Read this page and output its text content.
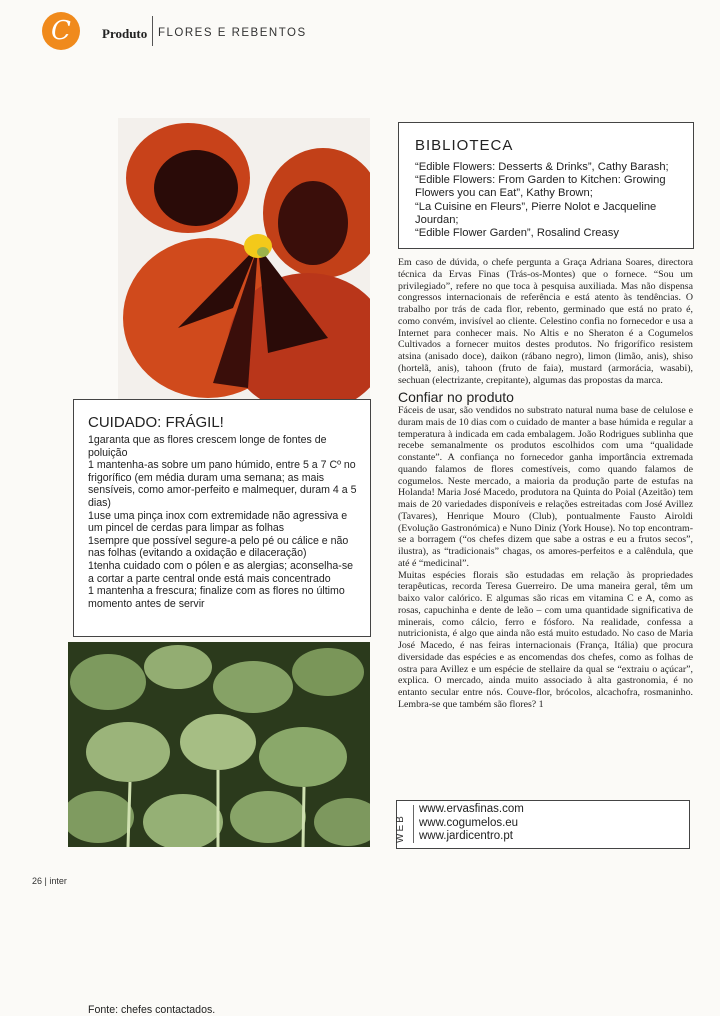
C Produto FLORES E REBENTOS
BIBLIOTECA
“Edible Flowers: Desserts & Drinks”, Cathy Barash;
“Edible Flowers: From Garden to Kitchen: Growing Flowers you can Eat”, Kathy Brown;
“La Cuisine en Fleurs”, Pierre Nolot e Jacqueline Jourdan;
“Edible Flower Garden”, Rosalind Creasy
CUIDADO: FRÁGIL!
1garanta que as flores crescem longe de fontes de poluição
1 mantenha-as sobre um pano húmido, entre 5 a 7 Cº no frigorífico (em média duram uma semana; as mais sensíveis, como amor-perfeito e malmequer, duram 4 a 5 dias)
1use uma pinça inox com extremidade não agressiva e um pincel de cerdas para limpar as folhas
1sempre que possível segure-a pelo pé ou cálice e não nas folhas (evitando a oxidação e dilaceração)
1tenha cuidado com o pólen e as alergias; aconselha-se a cortar a parte central onde está mais concentrado
1 mantenha a frescura; finalize com as flores no último momento antes de servir
Fonte: chefes contactados.

Em caso de dúvida, o chefe pergunta a Graça Adriana Soares, directora técnica da Ervas Finas (Trás-os-Montes) que o fornece. “Sou um privilegiado”, refere no que toca à pesquisa auxiliada. Mas não dispensa congressos internacionais de referência e está atento às tendências. O trabalho por trás de cada flor, rebento, germinado que está no prato é, como convém, invisível ao cliente. Celestino confia no fornecedor e usa a Internet para conhecer mais. No Altis e no Sheraton é a Cogumelos Cultivados a fornecer muitos destes produtos. No frigorífico resistem atsina (anisado doce), daikon (rábano negro), limon (limão, anis), shiso (hortelã, anis), tahoon (fruto de faia), mustard (armorácia, wasabi), sechuan (electrizante, crepitante), algumas das propostas da marca.

Confiar no produto

Fáceis de usar, são vendidos no substrato natural numa base de celulose e duram mais de 10 dias com o cuidado de manter a base húmida e regular a temperatura à indicada em cada embalagem. João Rodrigues sublinha que recebe semanalmente os produtos escolhidos com uma “qualidade constante”. A confiança no fornecedor ganha importância extremada quando falamos de flores comestíveis, como quando falamos de cogumelos. Neste mercado, a maioria da produção parte de estufas na Holanda! Maria José Macedo, produtora na Quinta do Poial (Azeitão) tem mais de 20 variedades disponíveis e relações estreitadas com José Avillez (Tavares), Henrique Mouro (Club), pontualmente Fausto Airoldi (Evolução Gastronómica) e Nuno Diniz (York House). No top encontram-se a borragem (“os chefes dizem que sabe a ostras e eu a frutos secos”, ilustra), as “tradicionais” chagas, os amores-perfeitos e a calêndula, que até é “medicinal”.

Muitas espécies florais são estudadas em relação às propriedades terapêuticas, recorda Teresa Guerreiro. De uma maneira geral, têm um baixo valor calórico. E algumas são ricas em vitamina C e A, como as rosas, capuchinha e dente de leão – com uma quantidade significativa de minerais, como cálcio, ferro e fósforo. Na realidade, confessa a nutricionista, é algo que ainda não está muito estudado. No caso de Maria José Macedo, é nas feiras internacionais (França, Itália) que procura diversidade das espécies e as encomendas dos chefes, como as folhas de ostra para Avillez e um espécie de stellaire da qual se “extraiu o açúcar”, explica. O mercado, ainda muito associado à alta gastronomia, é no entanto secular entre nós. Couve-flor, brócolos, alcachofra, rosmaninho. Lembra-se que também são flores? 1

WEB
www.ervasfinas.com
www.cogumelos.eu
www.jardicentro.pt
26 | inter
